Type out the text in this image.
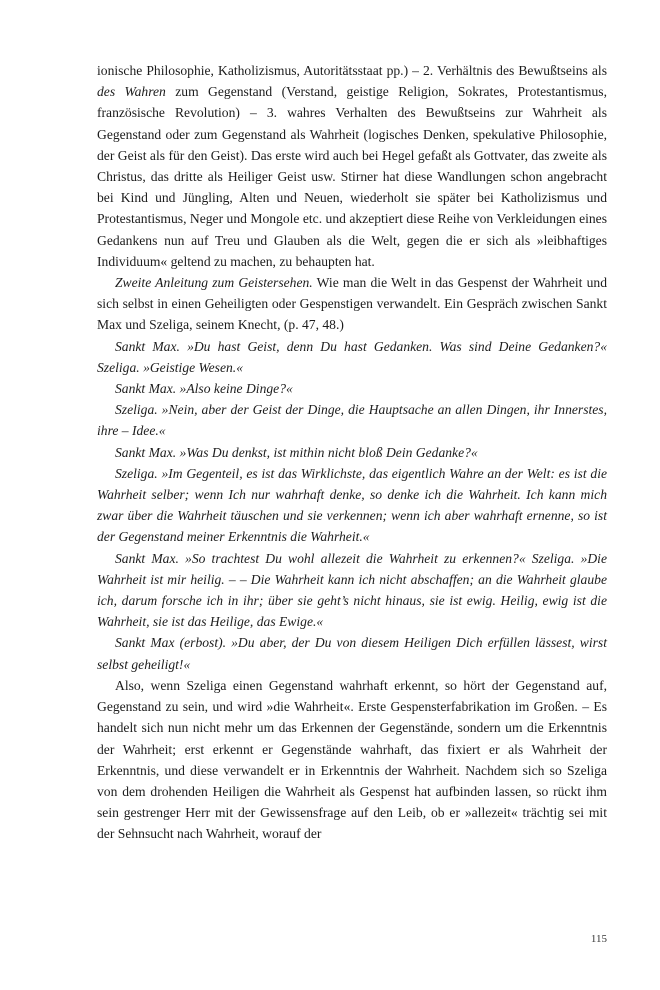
ionische Philosophie, Katholizismus, Autoritätsstaat pp.) – 2. Verhältnis des Bewußtseins als des Wahren zum Gegenstand (Verstand, geistige Religion, Sokrates, Protestantismus, französische Revolution) – 3. wahres Verhalten des Bewußtseins zur Wahrheit als Gegenstand oder zum Gegenstand als Wahrheit (logisches Denken, spekulative Philosophie, der Geist als für den Geist). Das erste wird auch bei Hegel gefaßt als Gottvater, das zweite als Christus, das dritte als Heiliger Geist usw. Stirner hat diese Wandlungen schon angebracht bei Kind und Jüngling, Alten und Neuen, wiederholt sie später bei Katholizismus und Protestantismus, Neger und Mongole etc. und akzeptiert diese Reihe von Verkleidungen eines Gedankens nun auf Treu und Glauben als die Welt, gegen die er sich als »leibhaftiges Individuum« geltend zu machen, zu behaupten hat.

Zweite Anleitung zum Geistersehen. Wie man die Welt in das Gespenst der Wahrheit und sich selbst in einen Geheiligten oder Gespenstigen verwandelt. Ein Gespräch zwischen Sankt Max und Szeliga, seinem Knecht, (p. 47, 48.)

Sankt Max. »Du hast Geist, denn Du hast Gedanken. Was sind Deine Gedanken?« Szeliga. »Geistige Wesen.«

Sankt Max. »Also keine Dinge?«

Szeliga. »Nein, aber der Geist der Dinge, die Hauptsache an allen Dingen, ihr Innerstes, ihre – Idee.«

Sankt Max. »Was Du denkst, ist mithin nicht bloß Dein Gedanke?«

Szeliga. »Im Gegenteil, es ist das Wirklichste, das eigentlich Wahre an der Welt: es ist die Wahrheit selber; wenn Ich nur wahrhaft denke, so denke ich die Wahrheit. Ich kann mich zwar über die Wahrheit täuschen und sie verkennen; wenn ich aber wahrhaft ernenne, so ist der Gegenstand meiner Erkenntnis die Wahrheit.«

Sankt Max. »So trachtest Du wohl allezeit die Wahrheit zu erkennen?« Szeliga. »Die Wahrheit ist mir heilig. – – Die Wahrheit kann ich nicht abschaffen; an die Wahrheit glaube ich, darum forsche ich in ihr; über sie geht’s nicht hinaus, sie ist ewig. Heilig, ewig ist die Wahrheit, sie ist das Heilige, das Ewige.«

Sankt Max (erbost). »Du aber, der Du von diesem Heiligen Dich erfüllen lässest, wirst selbst geheiligt!«

Also, wenn Szeliga einen Gegenstand wahrhaft erkennt, so hört der Gegenstand auf, Gegenstand zu sein, und wird »die Wahrheit«. Erste Gespensterfabrikation im Großen. – Es handelt sich nun nicht mehr um das Erkennen der Gegenstände, sondern um die Erkenntnis der Wahrheit; erst erkennt er Gegenstände wahrhaft, das fixiert er als Wahrheit der Erkenntnis, und diese verwandelt er in Erkenntnis der Wahrheit. Nachdem sich so Szeliga von dem drohenden Heiligen die Wahrheit als Gespenst hat aufbinden lassen, so rückt ihm sein gestrenger Herr mit der Gewissensfrage auf den Leib, ob er »allezeit« trächtig sei mit der Sehnsucht nach Wahrheit, worauf der

115
